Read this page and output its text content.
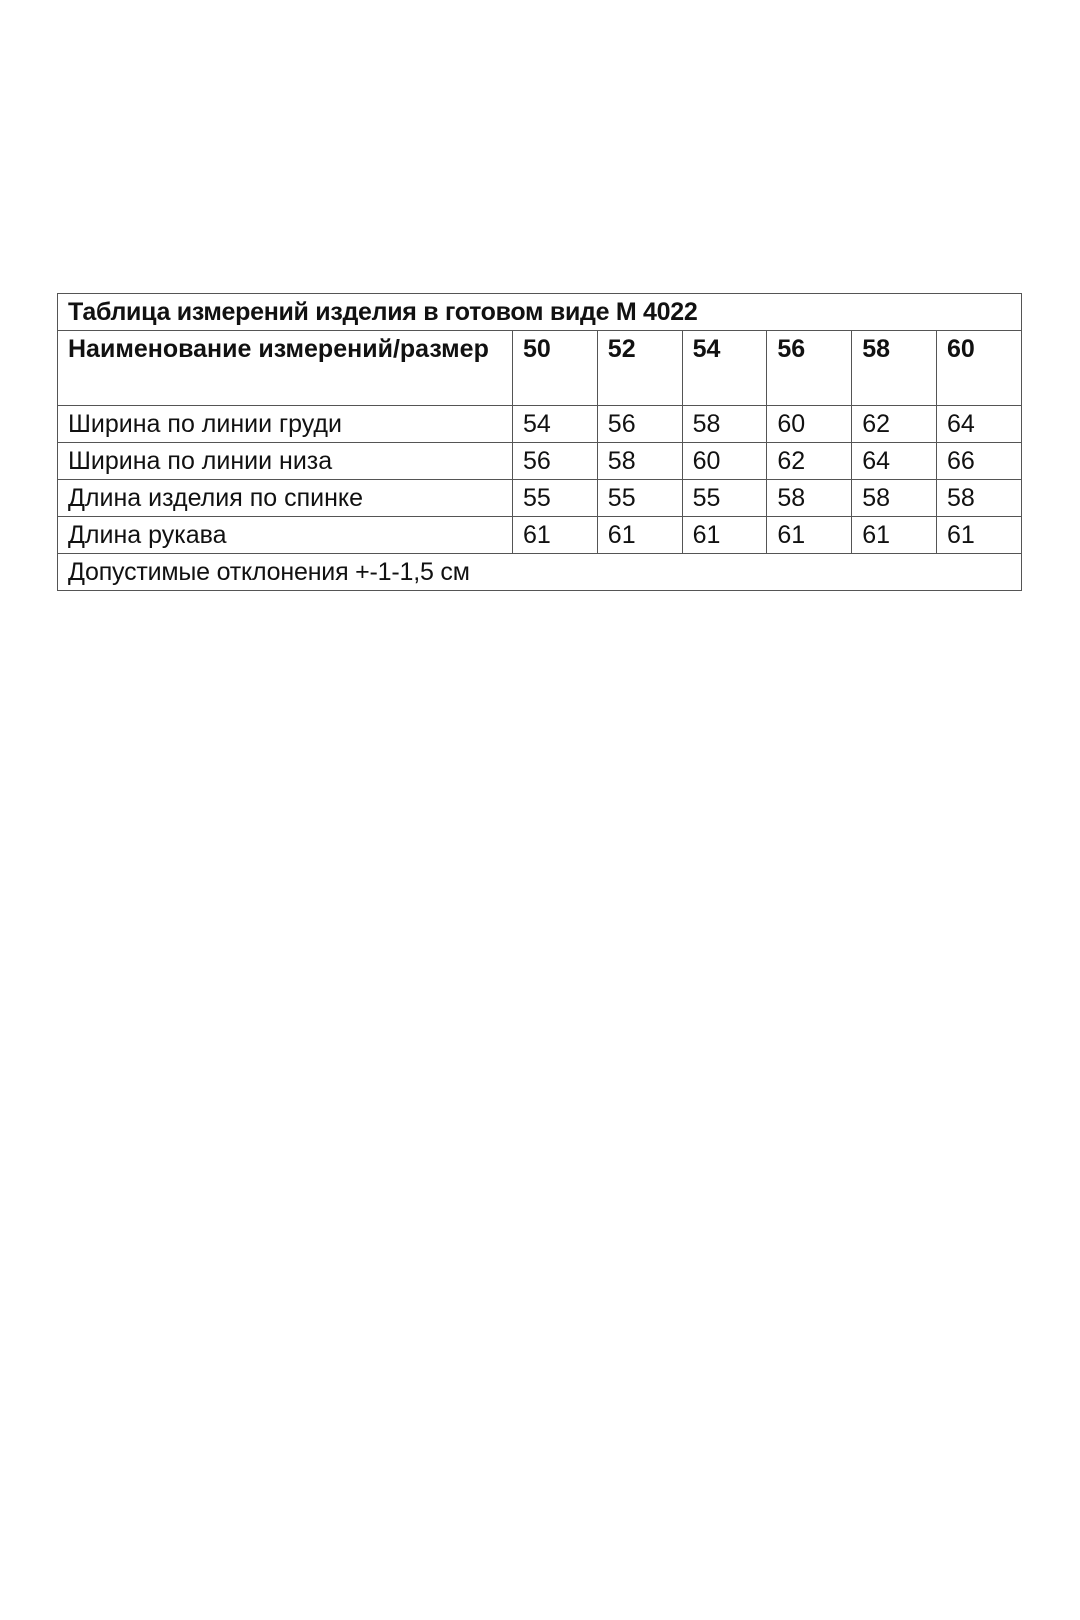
Таблица измерений изделия в готовом виде М 4022						
Наименование измерений/размер	50	52	54	56	58	60
Ширина по линии груди	54	56	58	60	62	64
Ширина по линии низа	56	58	60	62	64	66
Длина изделия по спинке	55	55	55	58	58	58
Длина рукава	61	61	61	61	61	61
Допустимые отклонения +-1-1,5 см						
